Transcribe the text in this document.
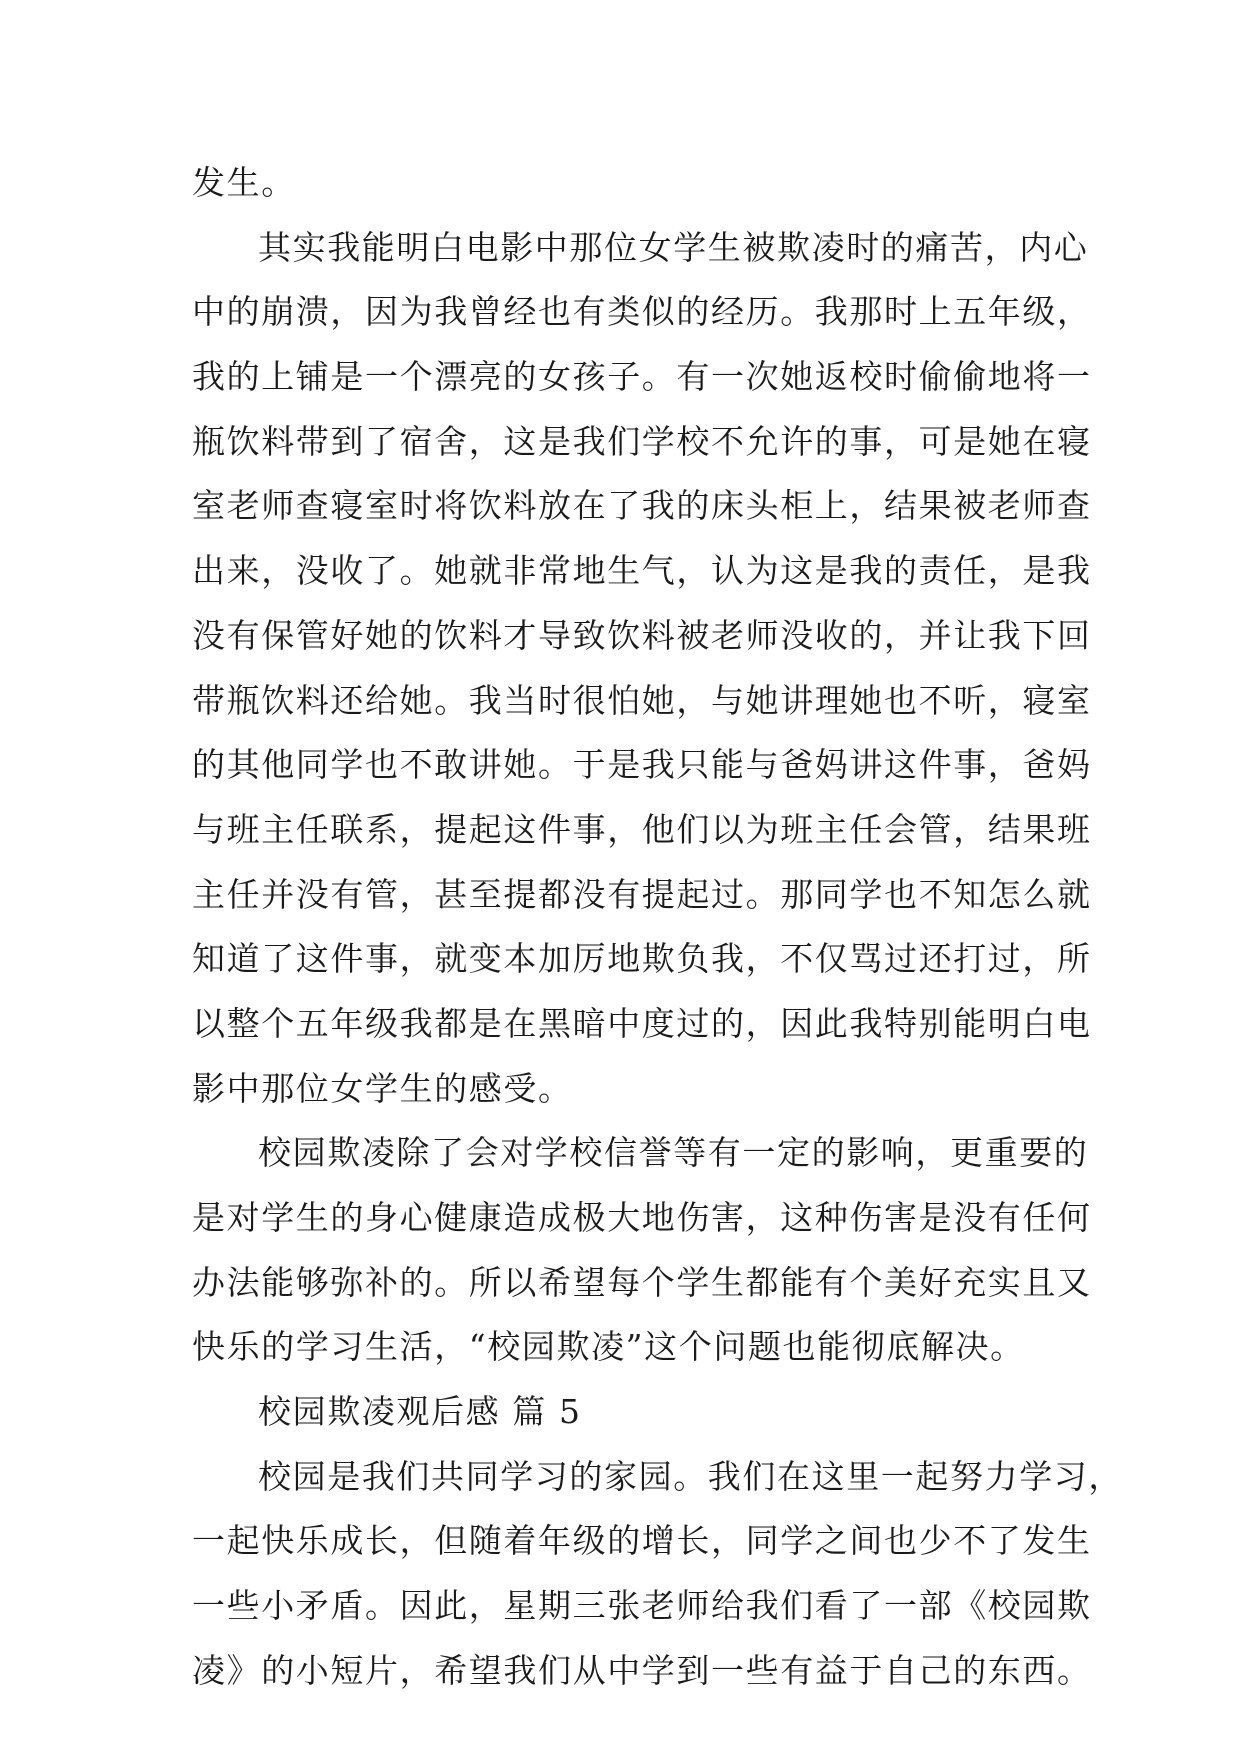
发生。
其实我能明白电影中那位女学生被欺凌时的痛苦，内心
中的崩溃，因为我曾经也有类似的经历。我那时上五年级，
我的上铺是一个漂亮的女孩子。有一次她返校时偷偷地将一
瓶饮料带到了宿舍，这是我们学校不允许的事，可是她在寝
室老师查寝室时将饮料放在了我的床头柜上，结果被老师查
出来，没收了。她就非常地生气，认为这是我的责任，是我
没有保管好她的饮料才导致饮料被老师没收的，并让我下回
带瓶饮料还给她。我当时很怕她，与她讲理她也不听，寝室
的其他同学也不敢讲她。于是我只能与爸妈讲这件事，爸妈
与班主任联系，提起这件事，他们以为班主任会管，结果班
主任并没有管，甚至提都没有提起过。那同学也不知怎么就
知道了这件事，就变本加厉地欺负我，不仅骂过还打过，所
以整个五年级我都是在黑暗中度过的，因此我特别能明白电
影中那位女学生的感受。
校园欺凌除了会对学校信誉等有一定的影响，更重要的
是对学生的身心健康造成极大地伤害，这种伤害是没有任何
办法能够弥补的。所以希望每个学生都能有个美好充实且又
快乐的学习生活，“校园欺凌”这个问题也能彻底解决。
校园欺凌观后感 篇 5
校园是我们共同学习的家园。我们在这里一起努力学习，
一起快乐成长，但随着年级的增长，同学之间也少不了发生
一些小矛盾。因此，星期三张老师给我们看了一部《校园欺
凌》的小短片，希望我们从中学到一些有益于自己的东西。
